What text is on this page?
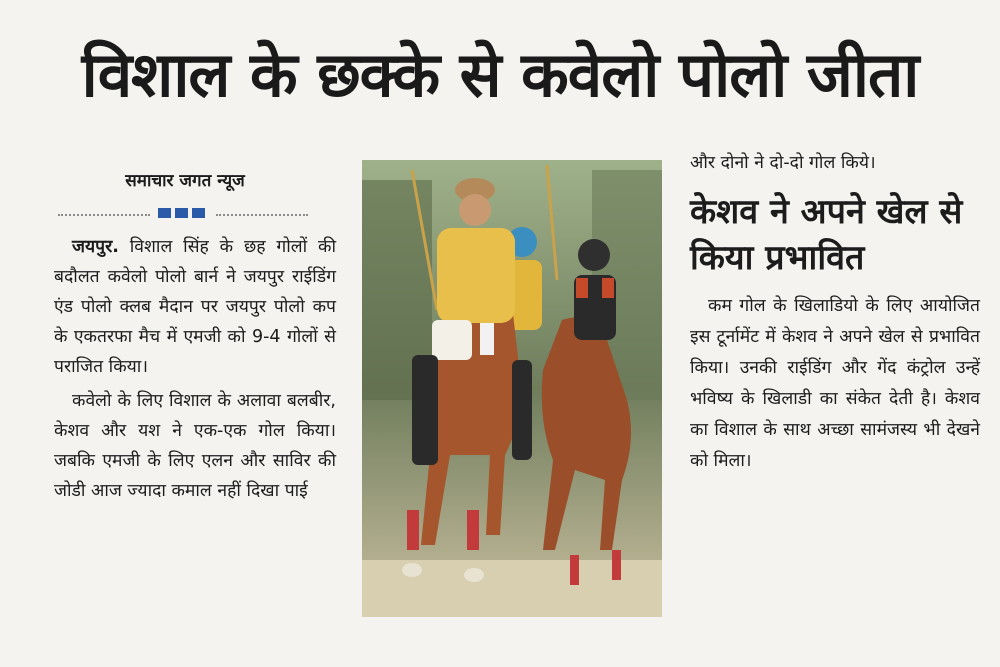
विशाल के छक्के से कवेलो पोलो जीता
समाचार जगत न्यूज

जयपुर. विशाल सिंह के छह गोलों की बदौलत कवेलो पोलो बार्न ने जयपुर राईडिंग एंड पोलो क्लब मैदान पर जयपुर पोलो कप के एकतरफा मैच में एमजी को 9-4 गोलों से पराजित किया।

कवेलो के लिए विशाल के अलावा बलबीर, केशव और यश ने एक-एक गोल किया। जबकि एमजी के लिए एलन और साविर की जोडी आज ज्यादा कमाल नहीं दिखा पाई

और दोनो ने दो-दो गोल किये।

केशव ने अपने खेल से किया प्रभावित

कम गोल के खिलाडियो के लिए आयोजित इस टूर्नामेंट में केशव ने अपने खेल से प्रभावित किया। उनकी राईडिंग और गेंद कंट्रोल उन्हें भविष्य के खिलाडी का संकेत देती है। केशव का विशाल के साथ अच्छा सामंजस्य भी देखने को मिला।
